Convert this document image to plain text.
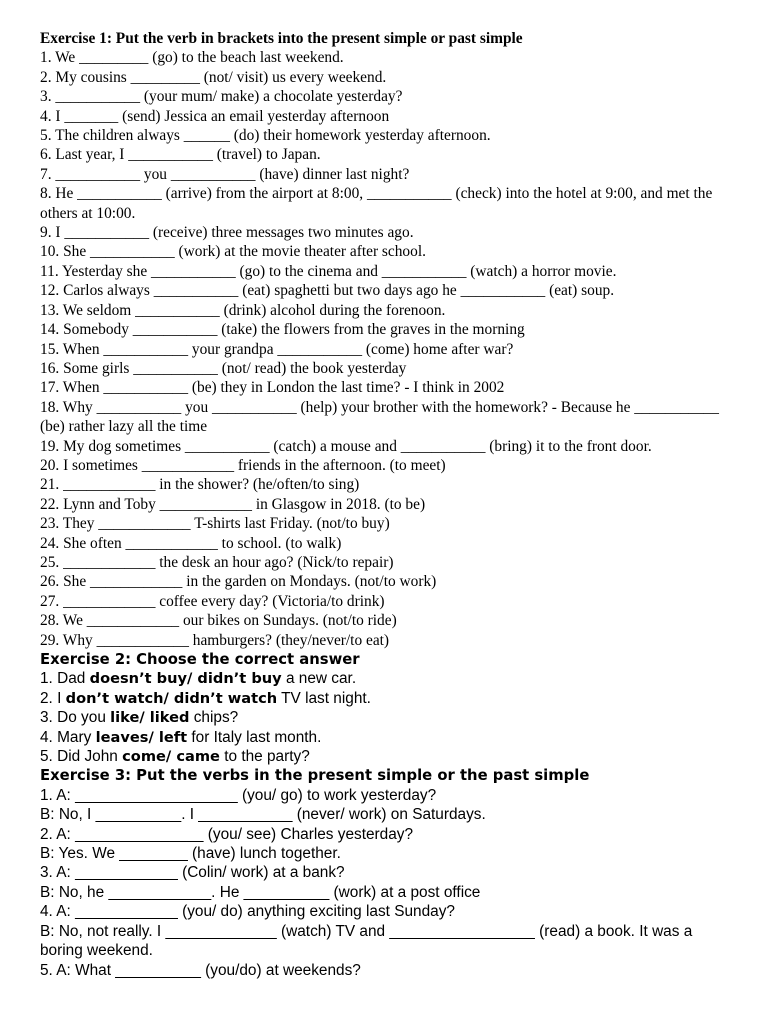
Exercise 1: Put the verb in brackets into the present simple or past simple
1. We _________ (go) to the beach last weekend.
2. My cousins _________ (not/ visit) us every weekend.
3. ___________ (your mum/ make) a chocolate yesterday?
4. I _______ (send) Jessica an email yesterday afternoon
5. The children always ______ (do) their homework yesterday afternoon.
6. Last year, I ___________ (travel) to Japan.
7. ___________ you ___________ (have) dinner last night?
8. He ___________ (arrive) from the airport at 8:00, ___________ (check) into the hotel at 9:00, and met the others at 10:00.
9. I ___________ (receive) three messages two minutes ago.
10. She ___________ (work) at the movie theater after school.
11. Yesterday she ___________ (go) to the cinema and ___________ (watch) a horror movie.
12. Carlos always ___________ (eat) spaghetti but two days ago he ___________ (eat) soup.
13. We seldom ___________ (drink) alcohol during the forenoon.
14. Somebody ___________ (take) the flowers from the graves in the morning
15. When ___________ your grandpa ___________ (come) home after war?
16. Some girls ___________ (not/ read) the book yesterday
17. When ___________ (be) they in London the last time? - I think in 2002
18. Why ___________ you ___________ (help) your brother with the homework? - Because he ___________ (be) rather lazy all the time
19. My dog sometimes ___________ (catch) a mouse and ___________ (bring) it to the front door.
20. I sometimes ____________ friends in the afternoon. (to meet)
21. ____________ in the shower? (he/often/to sing)
22. Lynn and Toby ____________ in Glasgow in 2018. (to be)
23. They ____________ T-shirts last Friday. (not/to buy)
24. She often ____________ to school. (to walk)
25. ____________ the desk an hour ago? (Nick/to repair)
26. She ____________ in the garden on Mondays. (not/to work)
27. ____________ coffee every day? (Victoria/to drink)
28. We ____________ our bikes on Sundays. (not/to ride)
29. Why ____________ hamburgers? (they/never/to eat)
Exercise 2: Choose the correct answer
1. Dad doesn’t buy/ didn’t buy a new car.
2. I don’t watch/ didn’t watch TV last night.
3. Do you like/ liked chips?
4. Mary leaves/ left for Italy last month.
5. Did John come/ came to the party?
Exercise 3: Put the verbs in the present simple or the past simple
1. A: ___________________ (you/ go) to work yesterday?
B: No, I __________. I ___________ (never/ work) on Saturdays.
2. A: _______________ (you/ see) Charles yesterday?
B: Yes. We ________ (have) lunch together.
3. A: ____________ (Colin/ work) at a bank?
B: No, he ____________. He __________ (work) at a post office
4. A: ____________ (you/ do) anything exciting last Sunday?
B: No, not really. I _____________ (watch) TV and _________________ (read) a book. It was a boring weekend.
5. A: What __________ (you/do) at weekends?
